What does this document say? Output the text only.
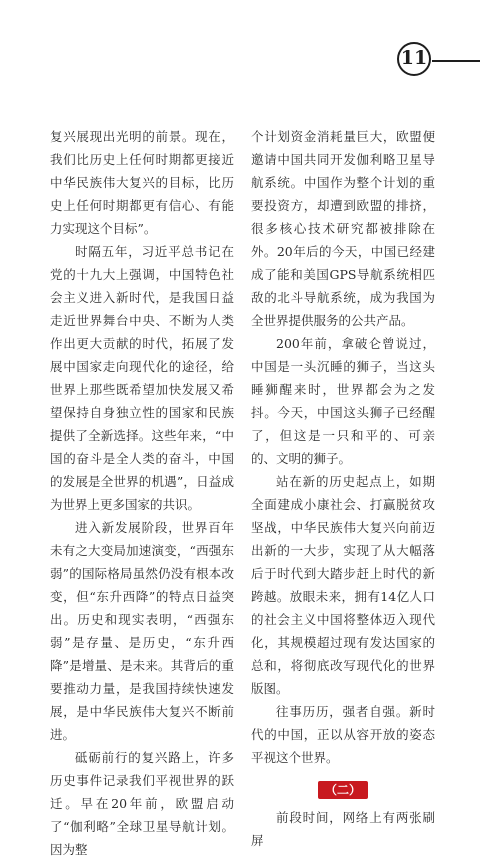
11

复兴展现出光明的前景。现在，我们比历史上任何时期都更接近中华民族伟大复兴的目标，比历史上任何时期都更有信心、有能力实现这个目标”。

时隔五年，习近平总书记在党的十九大上强调，中国特色社会主义进入新时代，是我国日益走近世界舞台中央、不断为人类作出更大贡献的时代，拓展了发展中国家走向现代化的途径，给世界上那些既希望加快发展又希望保持自身独立性的国家和民族提供了全新选择。这些年来，“中国的奋斗是全人类的奋斗，中国的发展是全世界的机遇”，日益成为世界上更多国家的共识。

进入新发展阶段，世界百年未有之大变局加速演变，“西强东弱”的国际格局虽然仍没有根本改变，但“东升西降”的特点日益突出。历史和现实表明，“西强东弱”是存量、是历史，“东升西降”是增量、是未来。其背后的重要推动力量，是我国持续快速发展，是中华民族伟大复兴不断前进。

砥砺前行的复兴路上，许多历史事件记录我们平视世界的跃迁。早在20年前，欧盟启动了“伽利略”全球卫星导航计划。因为整

个计划资金消耗量巨大，欧盟便邀请中国共同开发伽利略卫星导航系统。中国作为整个计划的重要投资方，却遭到欧盟的排挤，很多核心技术研究都被排除在外。20年后的今天，中国已经建成了能和美国GPS导航系统相匹敌的北斗导航系统，成为我国为全世界提供服务的公共产品。

200年前，拿破仑曾说过，中国是一头沉睡的狮子，当这头睡狮醒来时，世界都会为之发抖。今天，中国这头狮子已经醒了，但这是一只和平的、可亲的、文明的狮子。

站在新的历史起点上，如期全面建成小康社会、打赢脱贫攻坚战，中华民族伟大复兴向前迈出新的一大步，实现了从大幅落后于时代到大踏步赶上时代的新跨越。放眼未来，拥有14亿人口的社会主义中国将整体迈入现代化，其规模超过现有发达国家的总和，将彻底改写现代化的世界版图。

往事历历，强者自强。新时代的中国，正以从容开放的姿态平视这个世界。

（二）

前段时间，网络上有两张刷屏
